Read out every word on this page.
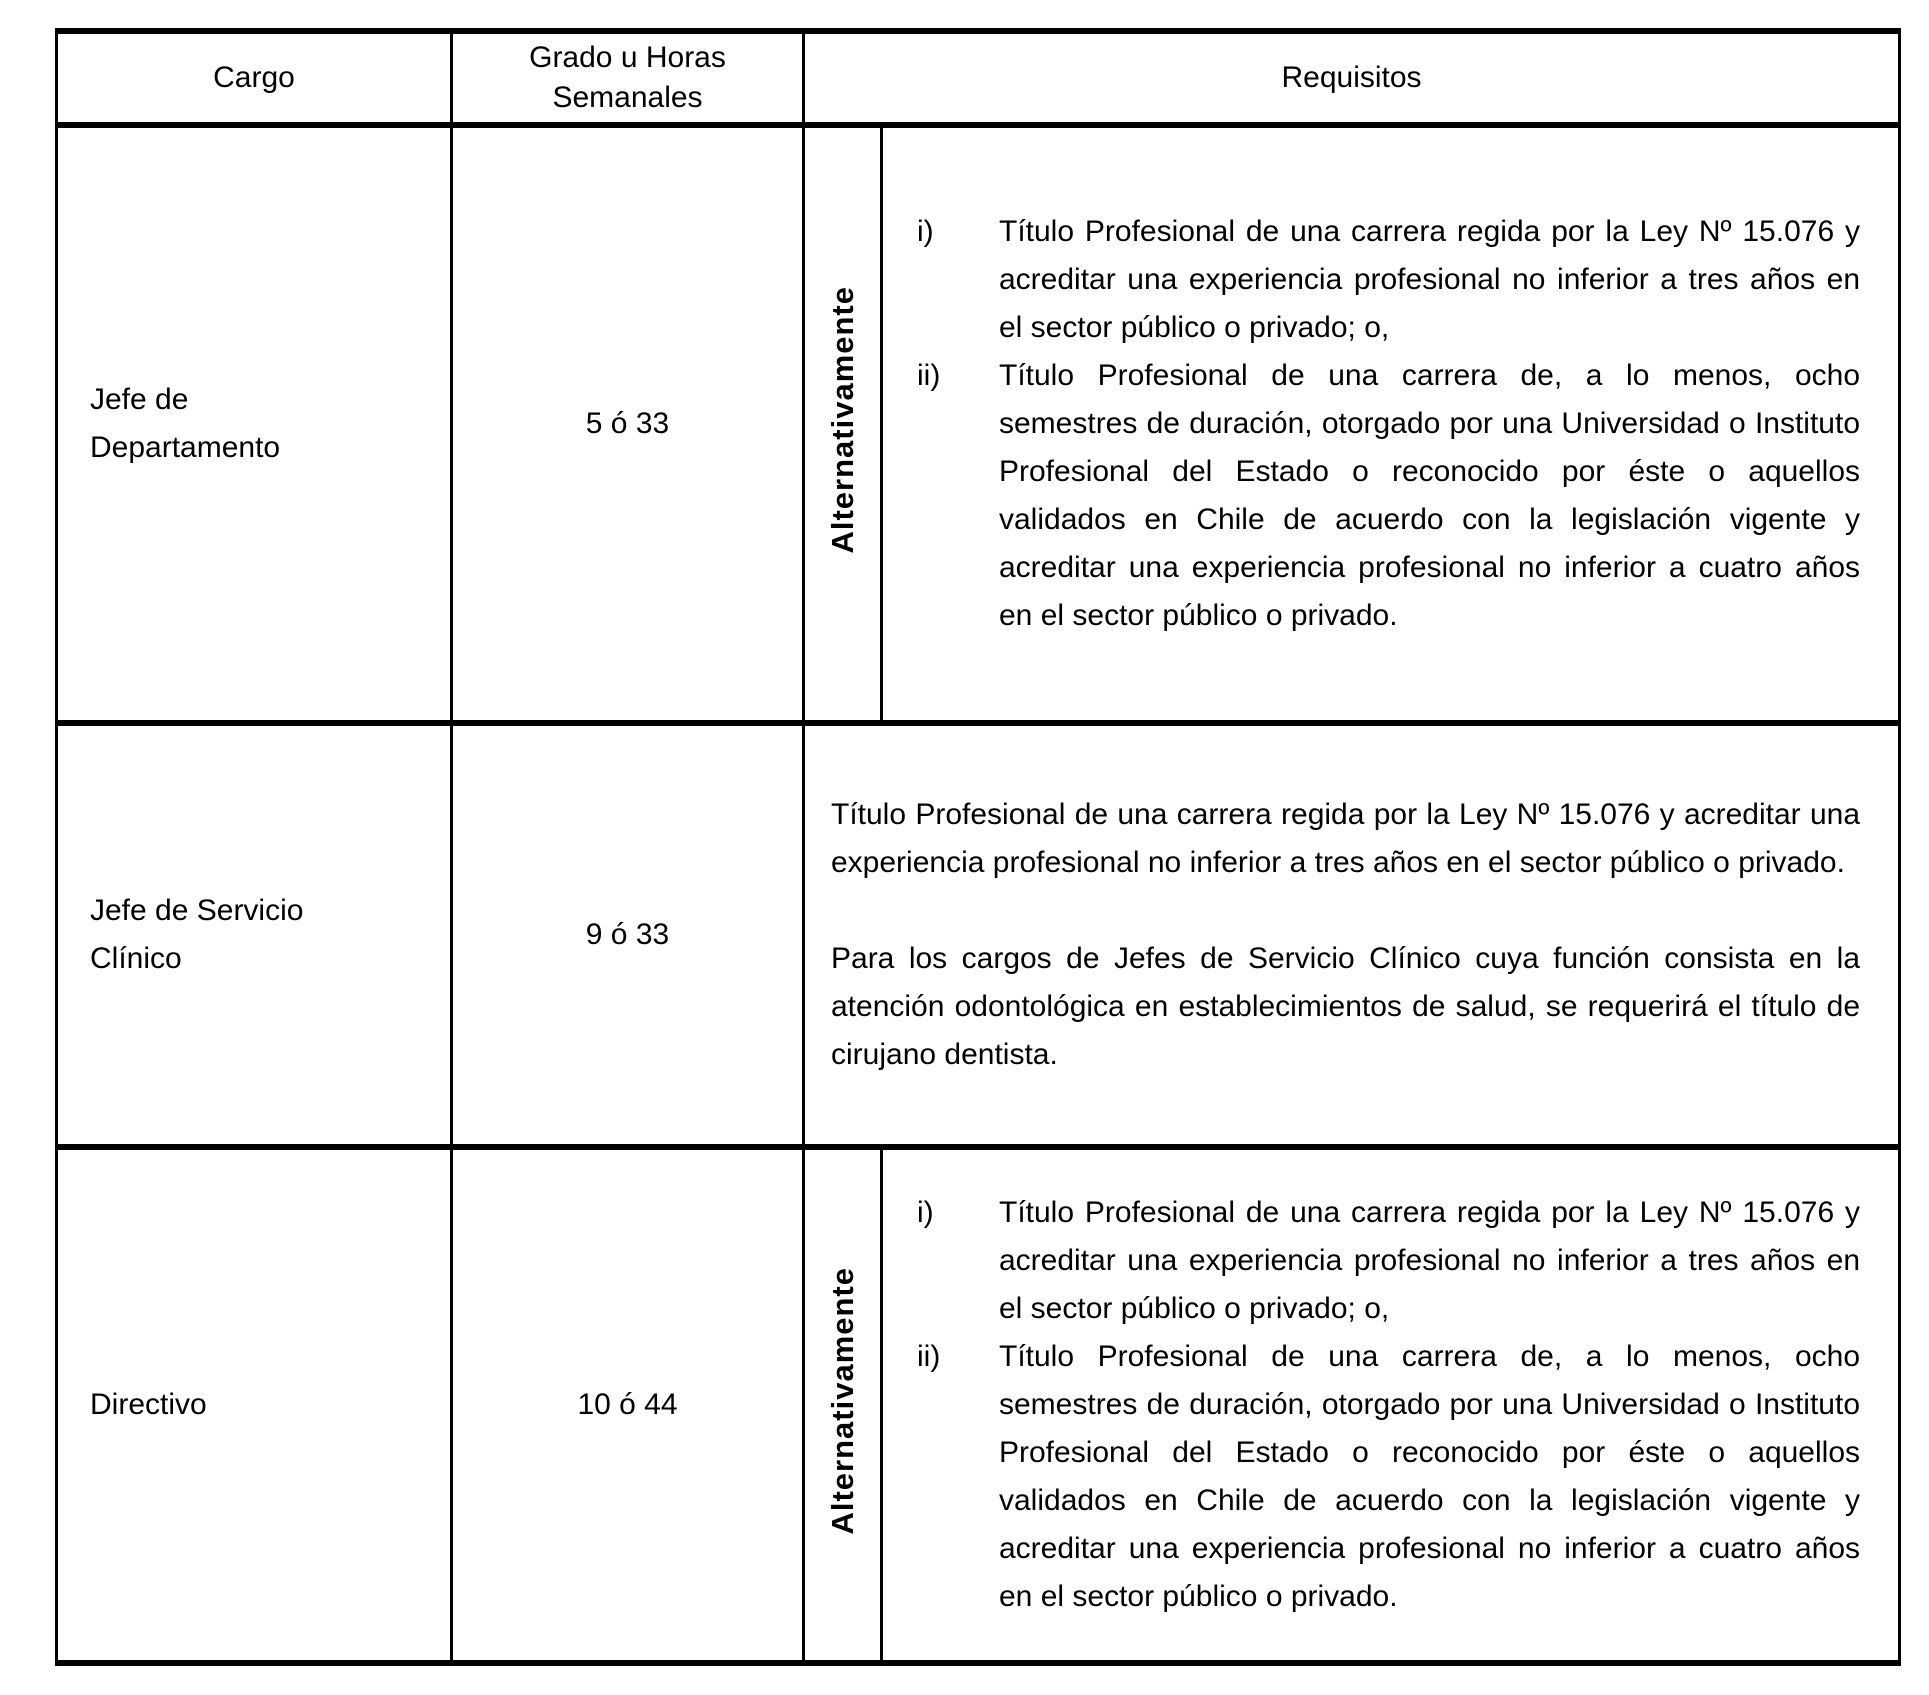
Cargo	Grado u Horas Semanales	Requisitos	

Jefe de Departamento	5 ó 33	Alternativamente	i) Título Profesional de una carrera regida por la Ley Nº 15.076 y acreditar una experiencia profesional no inferior a tres años en el sector público o privado; o,
ii) Título Profesional de una carrera de, a lo menos, ocho semestres de duración, otorgado por una Universidad o Instituto Profesional del Estado o reconocido por éste o aquellos validados en Chile de acuerdo con la legislación vigente y acreditar una experiencia profesional no inferior a cuatro años en el sector público o privado.

Jefe de Servicio Clínico	9 ó 33	Título Profesional de una carrera regida por la Ley Nº 15.076 y acreditar una experiencia profesional no inferior a tres años en el sector público o privado.

Para los cargos de Jefes de Servicio Clínico cuya función consista en la atención odontológica en establecimientos de salud, se requerirá el título de cirujano dentista.	

Directivo	10 ó 44	Alternativamente	i) Título Profesional de una carrera regida por la Ley Nº 15.076 y acreditar una experiencia profesional no inferior a tres años en el sector público o privado; o,
ii) Título Profesional de una carrera de, a lo menos, ocho semestres de duración, otorgado por una Universidad o Instituto Profesional del Estado o reconocido por éste o aquellos validados en Chile de acuerdo con la legislación vigente y acreditar una experiencia profesional no inferior a cuatro años en el sector público o privado.
